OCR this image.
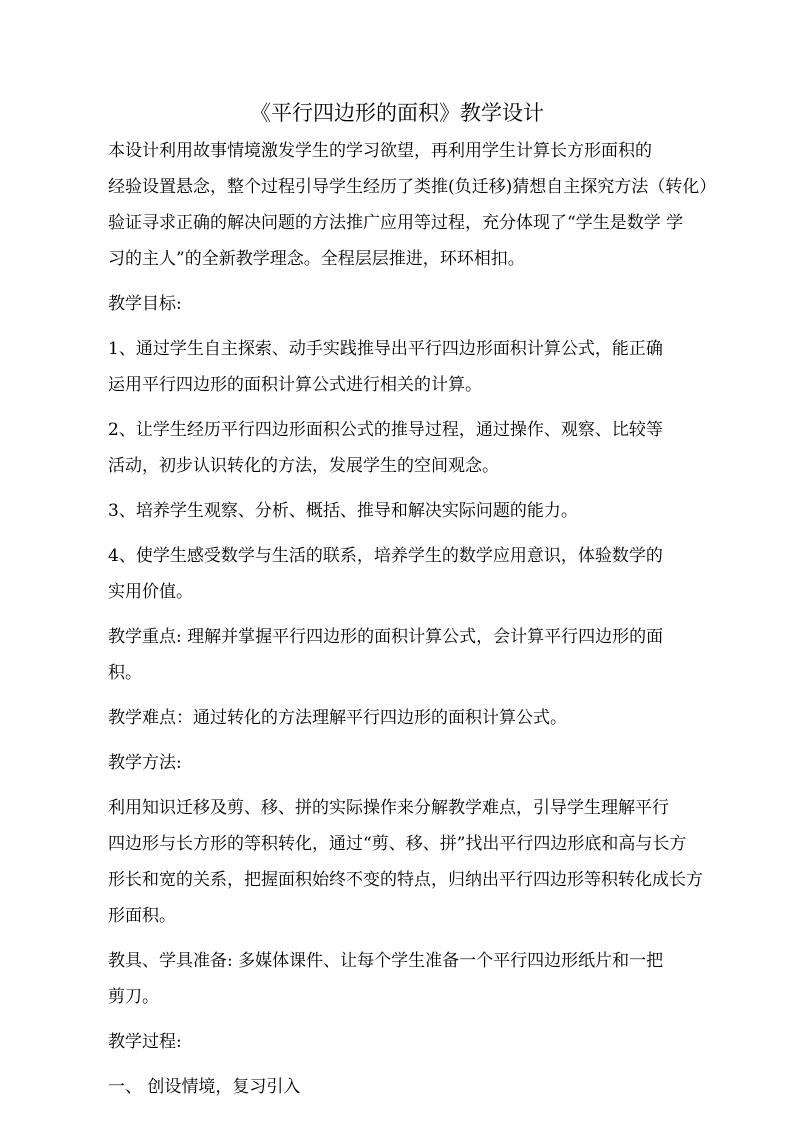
《平行四边形的面积》教学设计

本设计利用故事情境激发学生的学习欲望，再利用学生计算长方形面积的
经验设置悬念，整个过程引导学生经历了类推(负迁移)猜想自主探究方法（转化）
验证寻求正确的解决问题的方法推广应用等过程，充分体现了“学生是数学 学
习的主人”的全新教学理念。全程层层推进，环环相扣。

教学目标:

1、通过学生自主探索、动手实践推导出平行四边形面积计算公式，能正确
运用平行四边形的面积计算公式进行相关的计算。

2、让学生经历平行四边形面积公式的推导过程，通过操作、观察、比较等
活动，初步认识转化的方法，发展学生的空间观念。

3、培养学生观察、分析、概括、推导和解决实际问题的能力。

4、使学生感受数学与生活的联系，培养学生的数学应用意识，体验数学的
实用价值。

教学重点: 理解并掌握平行四边形的面积计算公式，会计算平行四边形的面
积。

教学难点：通过转化的方法理解平行四边形的面积计算公式。

教学方法:

利用知识迁移及剪、移、拼的实际操作来分解教学难点，引导学生理解平行
四边形与长方形的等积转化，通过“剪、移、拼”找出平行四边形底和高与长方
形长和宽的关系，把握面积始终不变的特点，归纳出平行四边形等积转化成长方
形面积。

教具、学具准备: 多媒体课件、让每个学生准备一个平行四边形纸片和一把
剪刀。

教学过程:

一、 创设情境，复习引入
